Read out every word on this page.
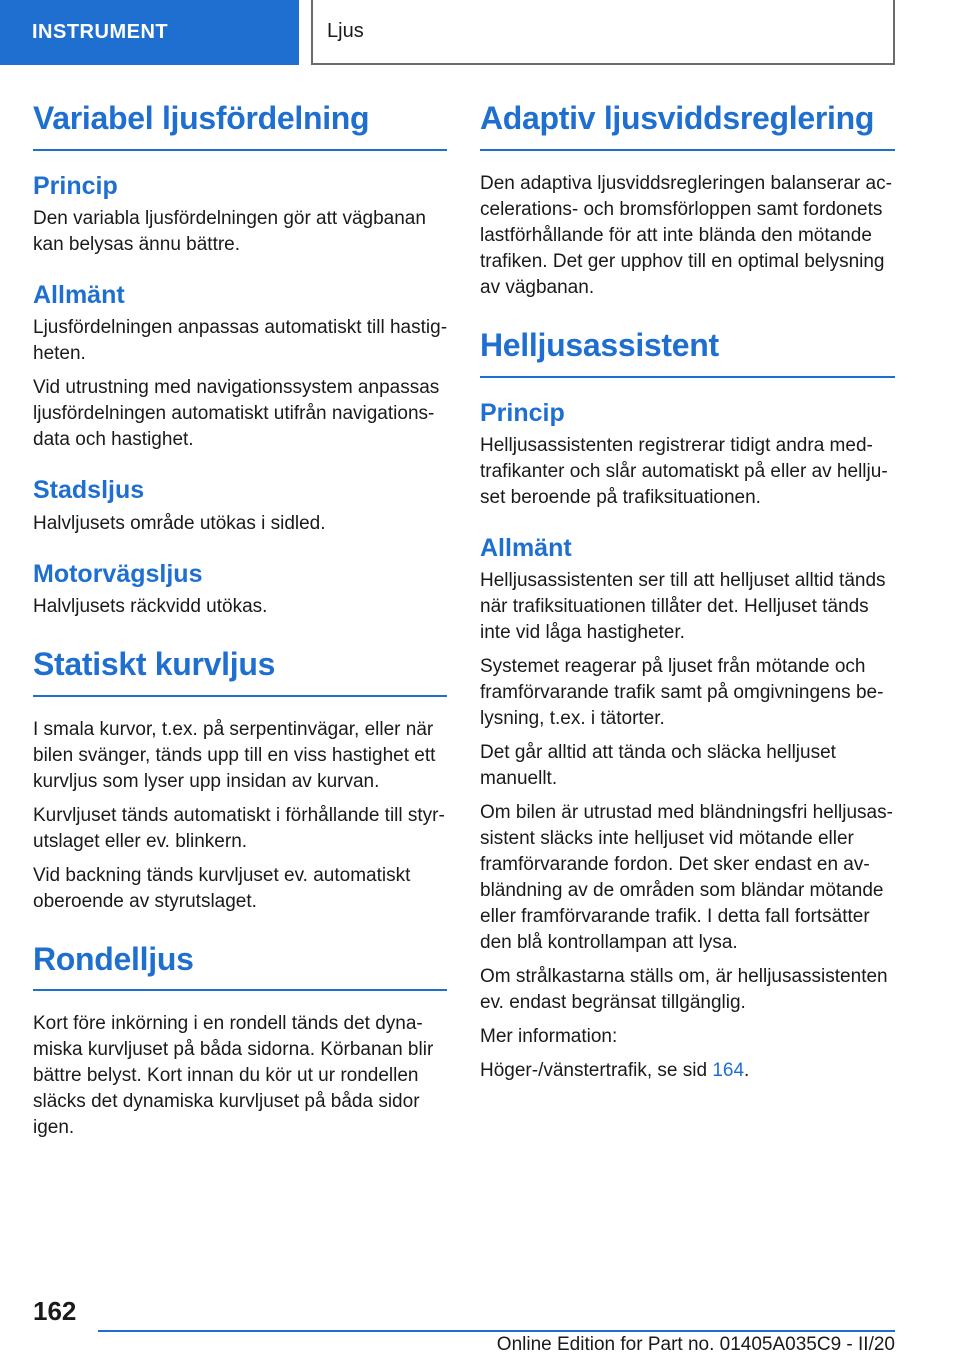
INSTRUMENT	Ljus
Variabel ljusfördelning
Princip

Den variabla ljusfördelningen gör att vägbanan kan belysas ännu bättre.

Allmänt

Ljusfördelningen anpassas automatiskt till hastigheten.

Vid utrustning med navigationssystem anpassas ljusfördelningen automatiskt utifrån navigationsdata och hastighet.

Stadsljus

Halvljusets område utökas i sidled.

Motorvägsljus

Halvljusets räckvidd utökas.

Statiskt kurvljus

I smala kurvor, t.ex. på serpentinvägar, eller när bilen svänger, tänds upp till en viss hastighet ett kurvljus som lyser upp insidan av kurvan.

Kurvljuset tänds automatiskt i förhållande till styrutslaget eller ev. blinkern.

Vid backning tänds kurvljuset ev. automatiskt oberoende av styrutslaget.

Rondelljus

Kort före inkörning i en rondell tänds det dynamiska kurvljuset på båda sidorna. Körbanan blir bättre belyst. Kort innan du kör ut ur rondellen släcks det dynamiska kurvljuset på båda sidor igen.

Adaptiv ljusviddsreglering

Den adaptiva ljusviddsregleringen balanserar accelerations- och bromsförloppen samt fordonets lastförhållande för att inte blända den mötande trafiken. Det ger upphov till en optimal belysning av vägbanan.

Helljusassistent
Princip

Helljusassistenten registrerar tidigt andra medtrafikanter och slår automatiskt på eller av helljuset beroende på trafiksituationen.

Allmänt

Helljusassistenten ser till att helljuset alltid tänds när trafiksituationen tillåter det. Helljuset tänds inte vid låga hastigheter.

Systemet reagerar på ljuset från mötande och framförvarande trafik samt på omgivningens belysning, t.ex. i tätorter.

Det går alltid att tända och släcka helljuset manuellt.

Om bilen är utrustad med bländningsfri helljusassistent släcks inte helljuset vid mötande eller framförvarande fordon. Det sker endast en avbländning av de områden som bländar mötande eller framförvarande trafik. I detta fall fortsätter den blå kontrollampan att lysa.

Om strålkastarna ställs om, är helljusassistenten ev. endast begränsat tillgänglig.

Mer information:

Höger-/vänstertrafik, se sid 164.

162
Online Edition for Part no. 01405A035C9 - II/20
